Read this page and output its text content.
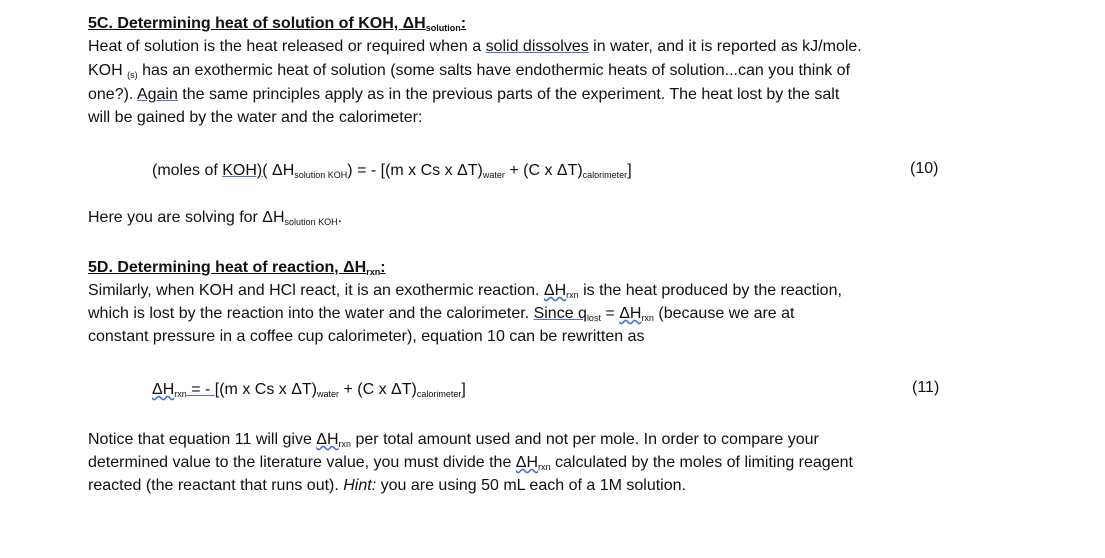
5C. Determining heat of solution of KOH, $\Delta H_{solution}$:
Heat of solution is the heat released or required when a solid dissolves in water, and it is reported as kJ/mole.
KOH $_{(s)}$ has an exothermic heat of solution (some salts have endothermic heats of solution...can you think of
one?). Again the same principles apply as in the previous parts of the experiment. The heat lost by the salt
will be gained by the water and the calorimeter:
(moles of KOH)( $\Delta H_{solution KOH}$) = - [(m x Cs x $\Delta T)_{water} + (C$ x $\Delta T)_{calorimeter}$]	(10)
Here you are solving for $\Delta H_{solution KOH}$.
5D. Determining heat of reaction, $\Delta H_{rxn}$:
Similarly, when KOH and HCl react, it is an exothermic reaction. $\Delta H_{rxn}$ is the heat produced by the reaction,
which is lost by the reaction into the water and the calorimeter. Since $q_{lost} = \Delta H_{rxn}$ (because we are at
constant pressure in a coffee cup calorimeter), equation 10 can be rewritten as
$\Delta H_{rxn}$ = - [(m x Cs x $\Delta T)_{water} + (C$ x $\Delta T)_{calorimeter}$]	(11)
Notice that equation 11 will give $\Delta H_{rxn}$ per total amount used and not per mole. In order to compare your
determined value to the literature value, you must divide the $\Delta H_{rxn}$ calculated by the moles of limiting reagent
reacted (the reactant that runs out). Hint: you are using 50 mL each of a 1M solution.
